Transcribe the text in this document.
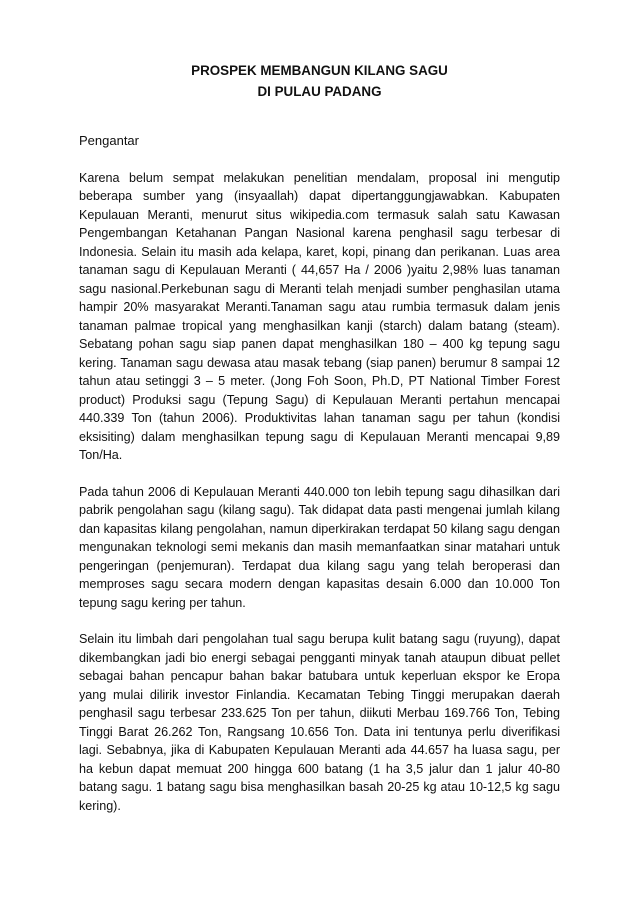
PROSPEK MEMBANGUN KILANG SAGU

DI PULAU PADANG

Pengantar

Karena belum sempat melakukan penelitian mendalam, proposal ini mengutip beberapa sumber yang (insyaallah) dapat dipertanggungjawabkan. Kabupaten Kepulauan Meranti, menurut situs wikipedia.com termasuk salah satu Kawasan Pengembangan Ketahanan Pangan Nasional karena penghasil sagu terbesar di Indonesia. Selain itu masih ada kelapa, karet, kopi, pinang dan perikanan. Luas area tanaman sagu di Kepulauan Meranti ( 44,657 Ha / 2006 )yaitu 2,98% luas tanaman sagu nasional.Perkebunan sagu di Meranti telah menjadi sumber penghasilan utama hampir 20% masyarakat Meranti.Tanaman sagu atau rumbia termasuk dalam jenis tanaman palmae tropical yang menghasilkan kanji (starch) dalam batang (steam). Sebatang pohan sagu siap panen dapat menghasilkan 180 – 400 kg tepung sagu kering. Tanaman sagu dewasa atau masak tebang (siap panen) berumur 8 sampai 12 tahun atau setinggi 3 – 5 meter. (Jong Foh Soon, Ph.D, PT National Timber Forest product) Produksi sagu (Tepung Sagu) di Kepulauan Meranti pertahun mencapai 440.339 Ton (tahun 2006). Produktivitas lahan tanaman sagu per tahun (kondisi eksisiting) dalam menghasilkan tepung sagu di Kepulauan Meranti mencapai 9,89 Ton/Ha.

Pada tahun 2006 di Kepulauan Meranti 440.000 ton lebih tepung sagu dihasilkan dari pabrik pengolahan sagu (kilang sagu). Tak didapat data pasti mengenai jumlah kilang dan kapasitas kilang pengolahan, namun diperkirakan terdapat 50 kilang sagu dengan mengunakan teknologi semi mekanis dan masih memanfaatkan sinar matahari untuk pengeringan (penjemuran). Terdapat dua kilang sagu yang telah beroperasi dan memproses sagu secara modern dengan kapasitas desain 6.000 dan 10.000 Ton tepung sagu kering per tahun.

Selain itu limbah dari pengolahan tual sagu berupa kulit batang sagu (ruyung), dapat dikembangkan jadi bio energi sebagai pengganti minyak tanah ataupun dibuat pellet sebagai bahan pencapur bahan bakar batubara untuk keperluan ekspor ke Eropa yang mulai dilirik investor Finlandia. Kecamatan Tebing Tinggi merupakan daerah penghasil sagu terbesar 233.625 Ton per tahun, diikuti Merbau 169.766 Ton, Tebing Tinggi Barat 26.262 Ton, Rangsang 10.656 Ton. Data ini tentunya perlu diverifikasi lagi. Sebabnya, jika di Kabupaten Kepulauan Meranti ada 44.657 ha luasa sagu, per ha kebun dapat memuat 200 hingga 600 batang (1 ha 3,5 jalur dan 1 jalur 40-80 batang sagu. 1 batang sagu bisa menghasilkan basah 20-25 kg atau 10-12,5 kg sagu kering).
